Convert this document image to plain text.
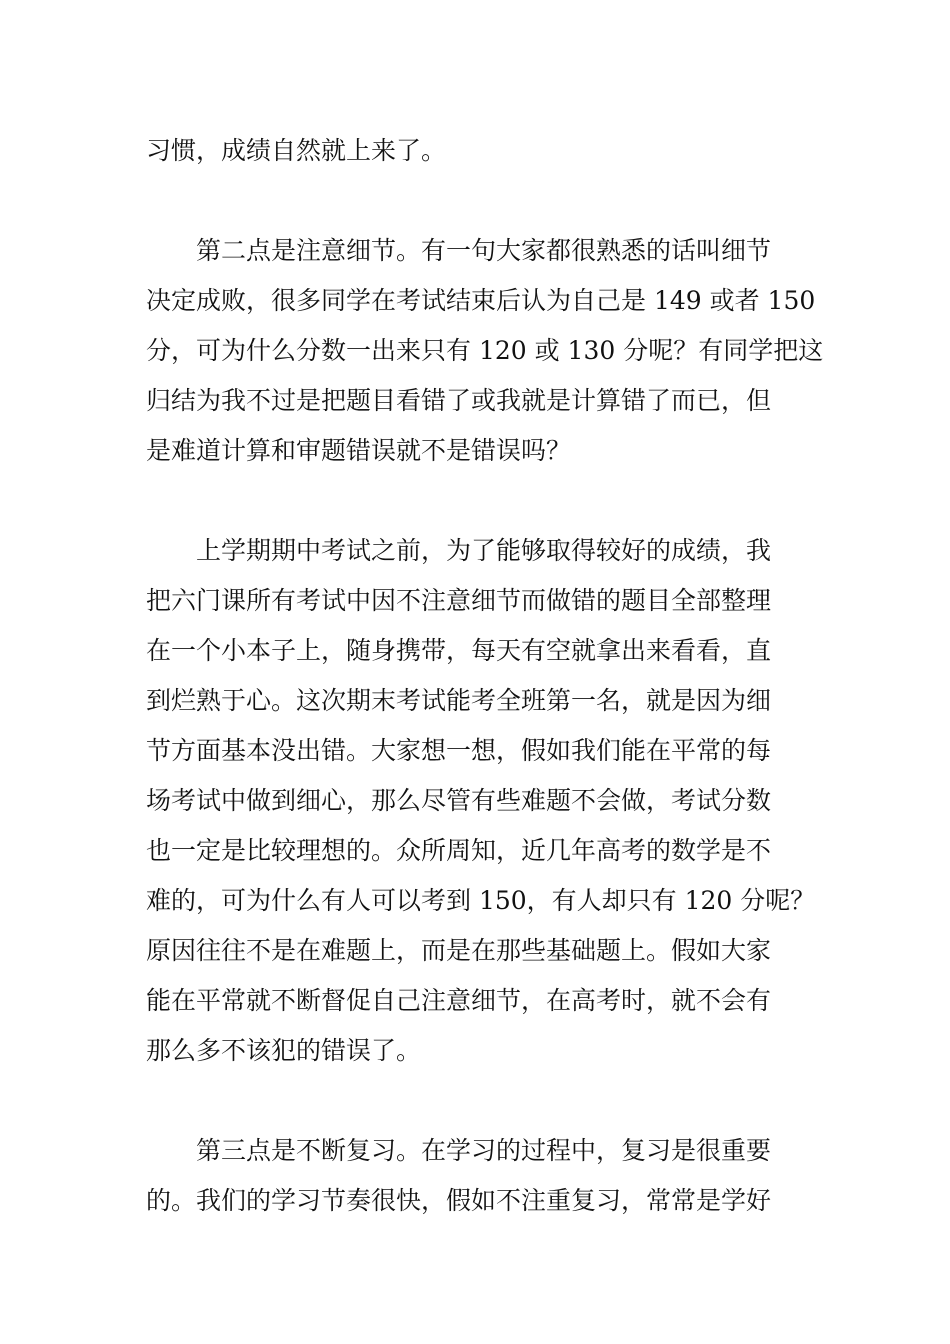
习惯，成绩自然就上来了。

第二点是注意细节。有一句大家都很熟悉的话叫细节
决定成败，很多同学在考试结束后认为自己是 149 或者 150
分，可为什么分数一出来只有 120 或 130 分呢？有同学把这
归结为我不过是把题目看错了或我就是计算错了而已，但
是难道计算和审题错误就不是错误吗？

上学期期中考试之前，为了能够取得较好的成绩，我
把六门课所有考试中因不注意细节而做错的题目全部整理
在一个小本子上，随身携带，每天有空就拿出来看看，直
到烂熟于心。这次期末考试能考全班第一名，就是因为细
节方面基本没出错。大家想一想，假如我们能在平常的每
场考试中做到细心，那么尽管有些难题不会做，考试分数
也一定是比较理想的。众所周知，近几年高考的数学是不
难的，可为什么有人可以考到 150，有人却只有 120 分呢？
原因往往不是在难题上，而是在那些基础题上。假如大家
能在平常就不断督促自己注意细节，在高考时，就不会有
那么多不该犯的错误了。

第三点是不断复习。在学习的过程中，复习是很重要
的。我们的学习节奏很快，假如不注重复习，常常是学好
